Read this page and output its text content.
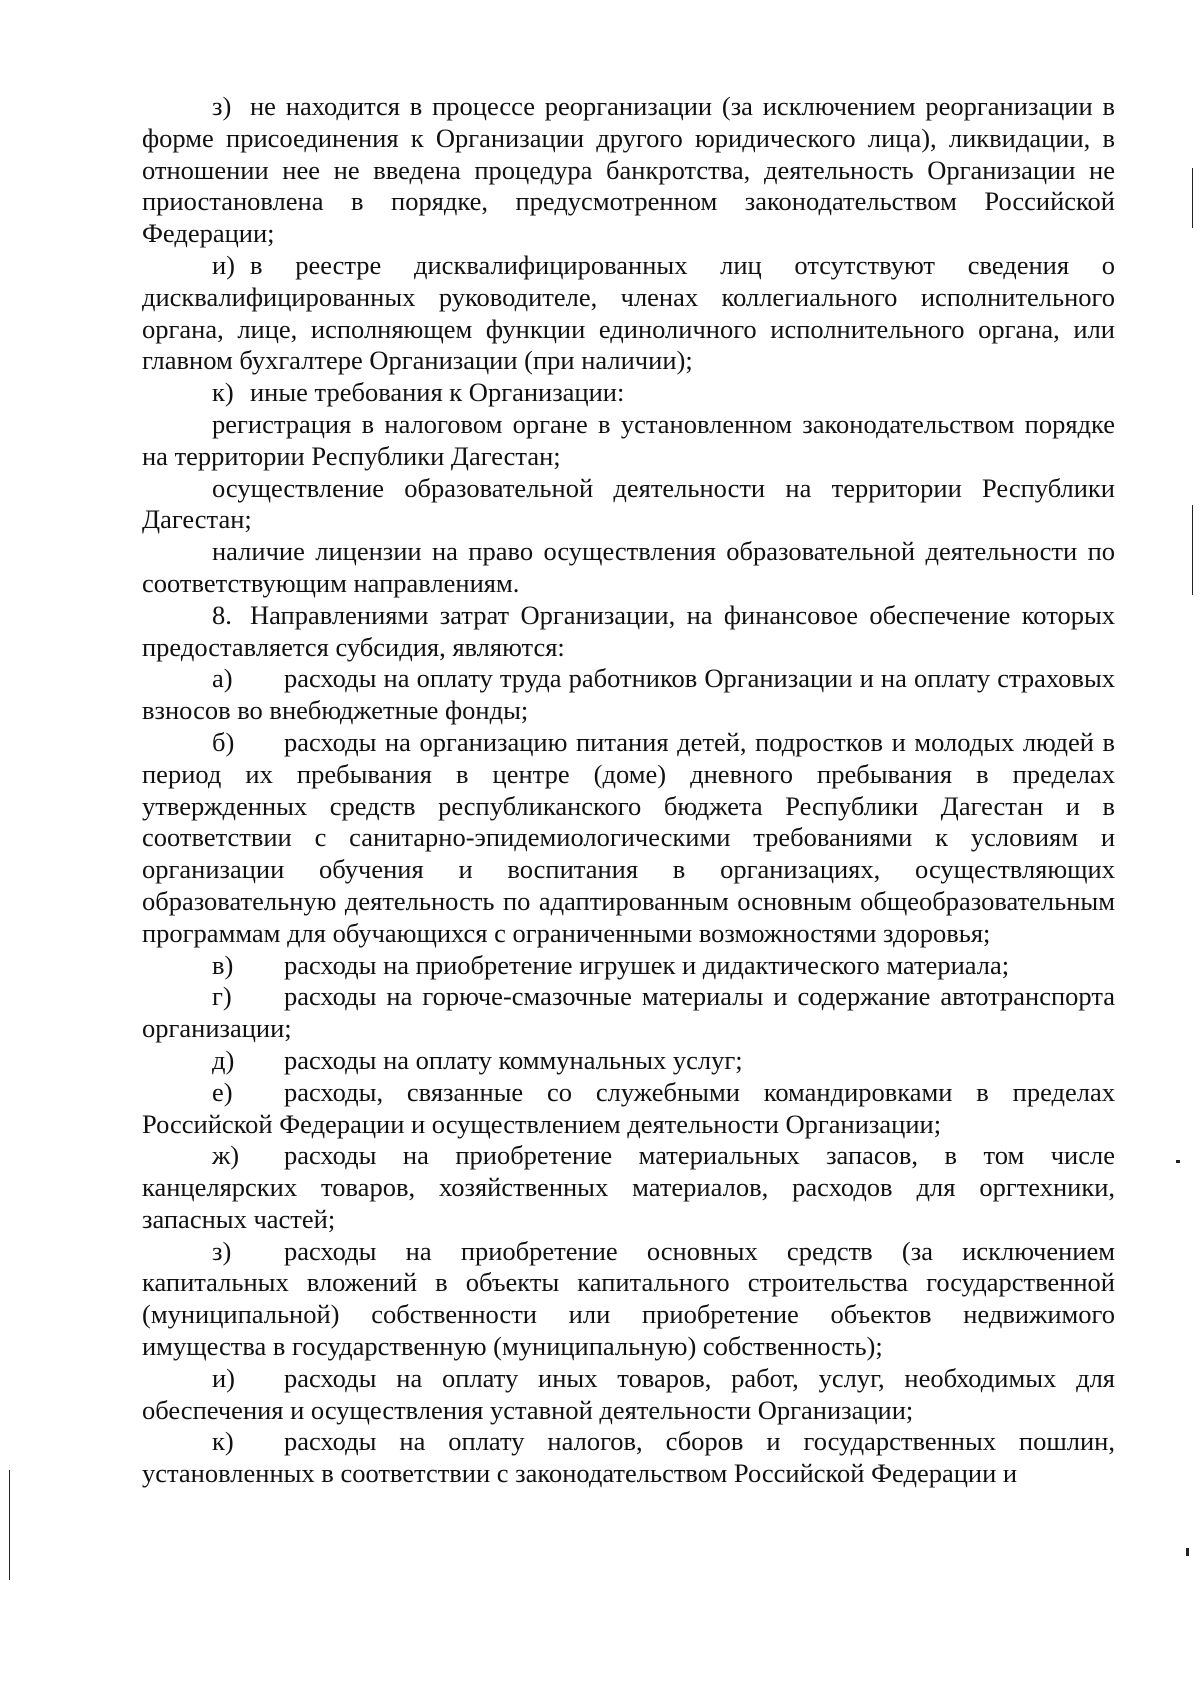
з) не находится в процессе реорганизации (за исключением реорганизации в форме присоединения к Организации другого юридического лица), ликвидации, в отношении нее не введена процедура банкротства, деятельность Организации не приостановлена в порядке, предусмотренном законодательством Российской Федерации;

и) в реестре дисквалифицированных лиц отсутствуют сведения о дисквалифицированных руководителе, членах коллегиального исполнительного органа, лице, исполняющем функции единоличного исполнительного органа, или главном бухгалтере Организации (при наличии);

к) иные требования к Организации:

регистрация в налоговом органе в установленном законодательством порядке на территории Республики Дагестан;

осуществление образовательной деятельности на территории Республики Дагестан;

наличие лицензии на право осуществления образовательной деятельности по соответствующим направлениям.

8. Направлениями затрат Организации, на финансовое обеспечение которых предоставляется субсидия, являются:

а) расходы на оплату труда работников Организации и на оплату страховых взносов во внебюджетные фонды;

б) расходы на организацию питания детей, подростков и молодых людей в период их пребывания в центре (доме) дневного пребывания в пределах утвержденных средств республиканского бюджета Республики Дагестан и в соответствии с санитарно-эпидемиологическими требованиями к условиям и организации обучения и воспитания в организациях, осуществляющих образовательную деятельность по адаптированным основным общеобразовательным программам для обучающихся с ограниченными возможностями здоровья;

в) расходы на приобретение игрушек и дидактического материала;

г) расходы на горюче-смазочные материалы и содержание автотранспорта организации;

д) расходы на оплату коммунальных услуг;

е) расходы, связанные со служебными командировками в пределах Российской Федерации и осуществлением деятельности Организации;

ж) расходы на приобретение материальных запасов, в том числе канцелярских товаров, хозяйственных материалов, расходов для оргтехники, запасных частей;

з) расходы на приобретение основных средств (за исключением капитальных вложений в объекты капитального строительства государственной (муниципальной) собственности или приобретение объектов недвижимого имущества в государственную (муниципальную) собственность);

и) расходы на оплату иных товаров, работ, услуг, необходимых для обеспечения и осуществления уставной деятельности Организации;

к) расходы на оплату налогов, сборов и государственных пошлин, установленных в соответствии с законодательством Российской Федерации и
